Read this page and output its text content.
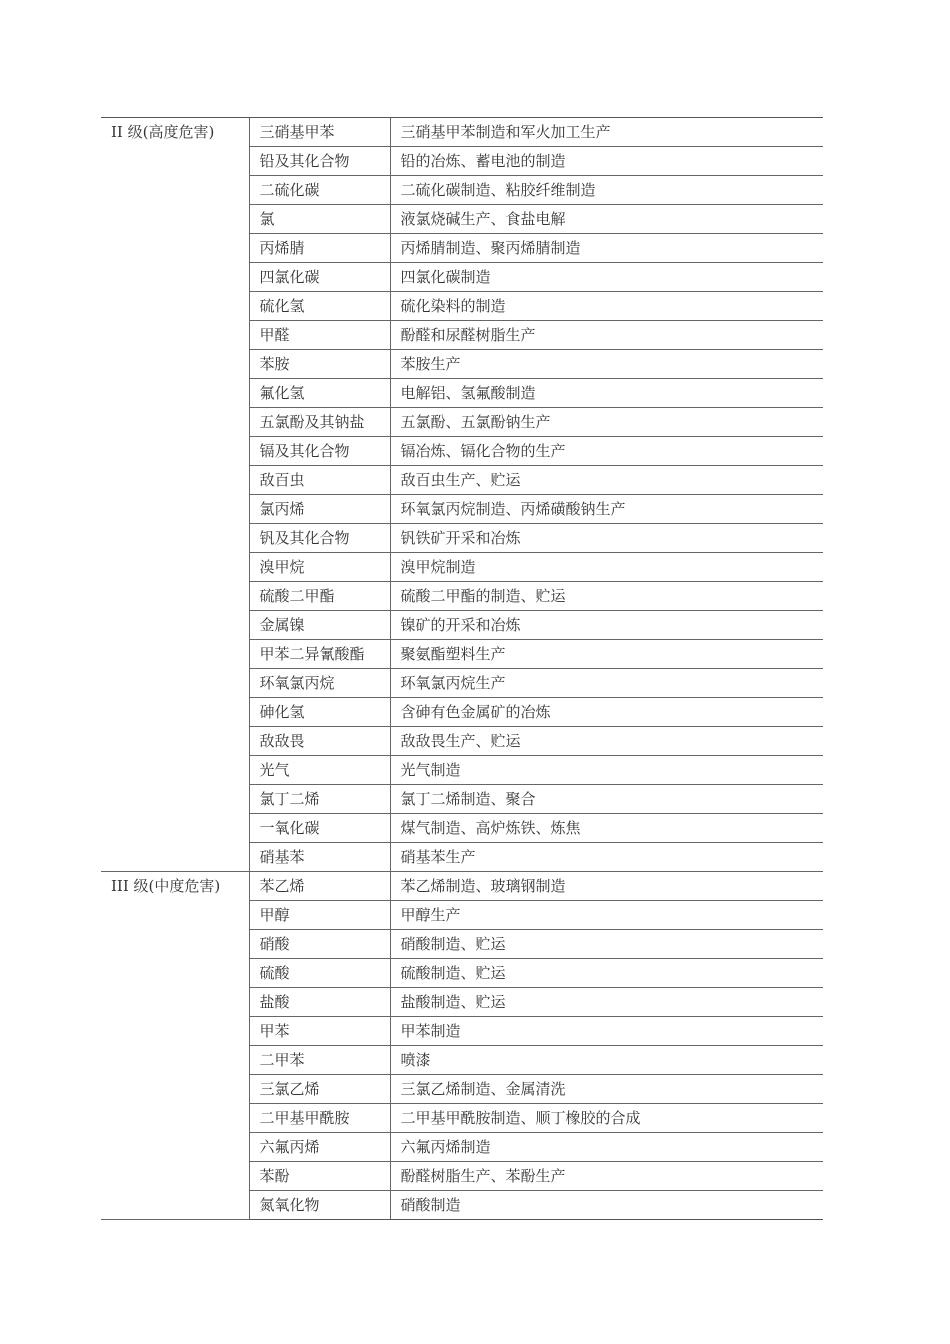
II 级(高度危害)	三硝基甲苯	三硝基甲苯制造和军火加工生产
	铅及其化合物	铅的冶炼、蓄电池的制造
	二硫化碳	二硫化碳制造、粘胶纤维制造
	氯	液氯烧碱生产、食盐电解
	丙烯腈	丙烯腈制造、聚丙烯腈制造
	四氯化碳	四氯化碳制造
	硫化氢	硫化染料的制造
	甲醛	酚醛和尿醛树脂生产
	苯胺	苯胺生产
	氟化氢	电解铝、氢氟酸制造
	五氯酚及其钠盐	五氯酚、五氯酚钠生产
	镉及其化合物	镉冶炼、镉化合物的生产
	敌百虫	敌百虫生产、贮运
	氯丙烯	环氧氯丙烷制造、丙烯磺酸钠生产
	钒及其化合物	钒铁矿开采和冶炼
	溴甲烷	溴甲烷制造
	硫酸二甲酯	硫酸二甲酯的制造、贮运
	金属镍	镍矿的开采和冶炼
	甲苯二异氰酸酯	聚氨酯塑料生产
	环氧氯丙烷	环氧氯丙烷生产
	砷化氢	含砷有色金属矿的冶炼
	敌敌畏	敌敌畏生产、贮运
	光气	光气制造
	氯丁二烯	氯丁二烯制造、聚合
	一氧化碳	煤气制造、高炉炼铁、炼焦
	硝基苯	硝基苯生产
III 级(中度危害)	苯乙烯	苯乙烯制造、玻璃钢制造
	甲醇	甲醇生产
	硝酸	硝酸制造、贮运
	硫酸	硫酸制造、贮运
	盐酸	盐酸制造、贮运
	甲苯	甲苯制造
	二甲苯	喷漆
	三氯乙烯	三氯乙烯制造、金属清洗
	二甲基甲酰胺	二甲基甲酰胺制造、顺丁橡胶的合成
	六氟丙烯	六氟丙烯制造
	苯酚	酚醛树脂生产、苯酚生产
	氮氧化物	硝酸制造
